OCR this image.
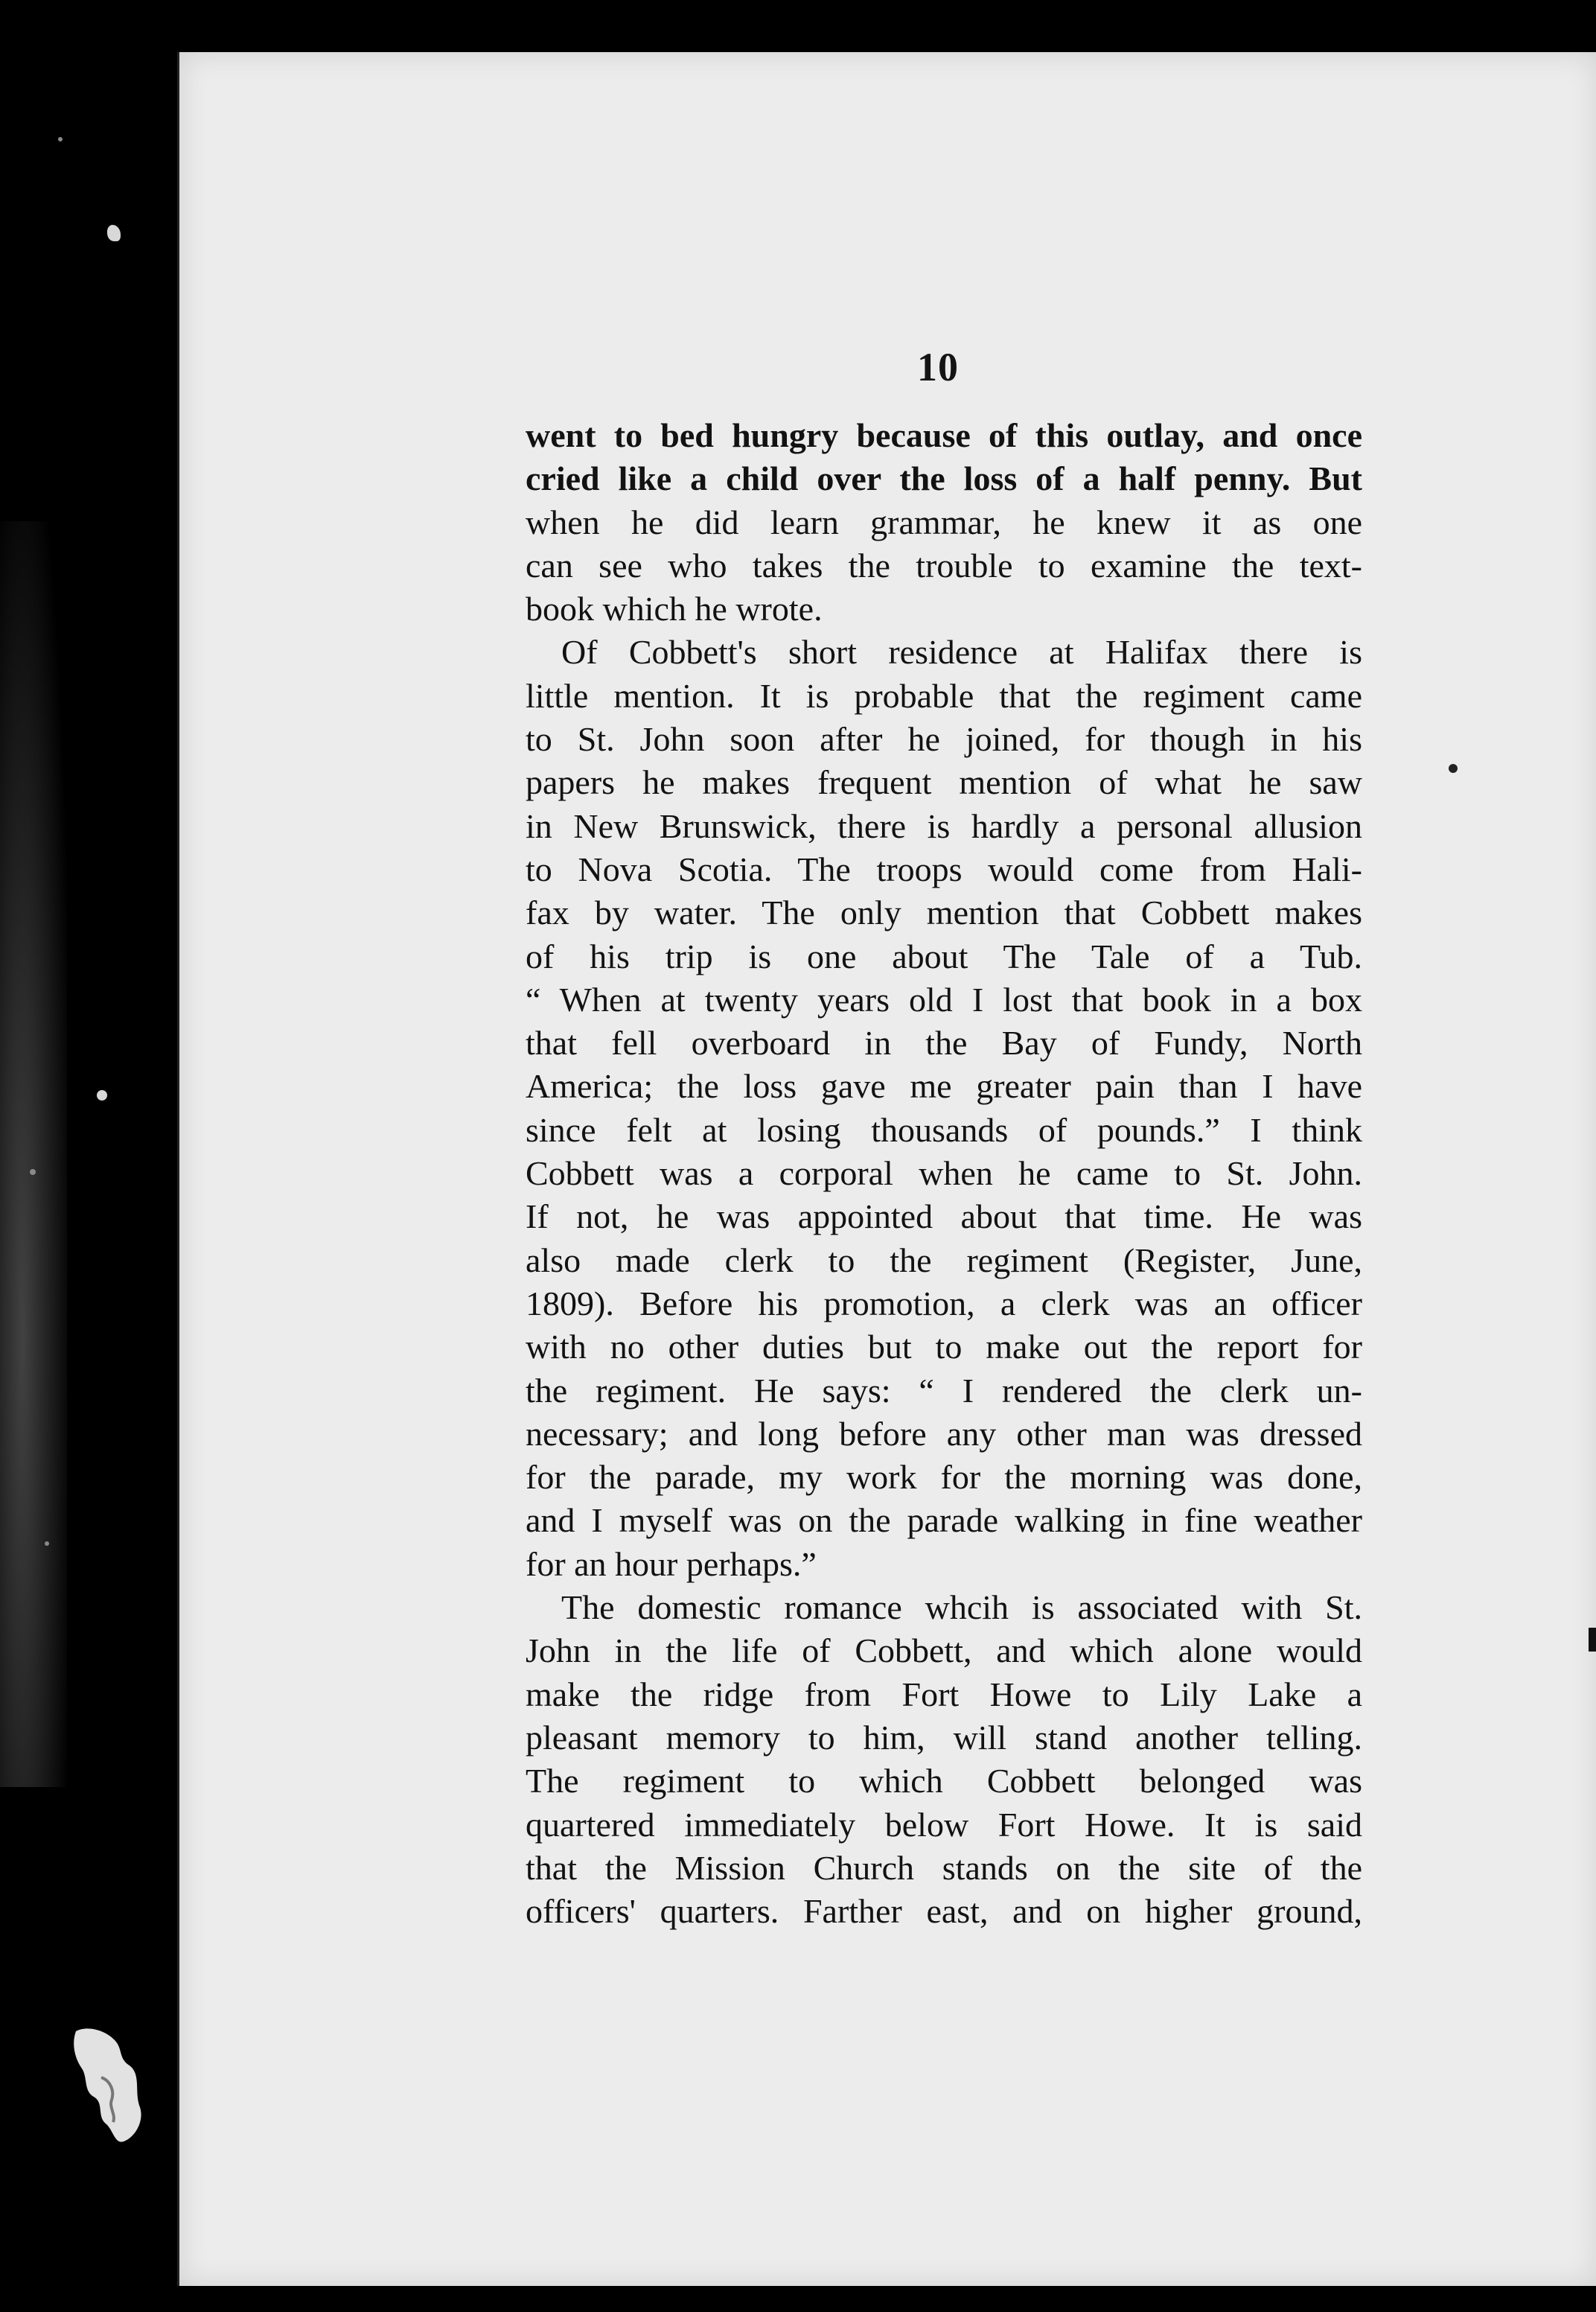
10
went to bed hungry because of this outlay, and once
cried like a child over the loss of a half penny. But
when he did learn grammar, he knew it as one
can see who takes the trouble to examine the text-
book which he wrote.
Of Cobbett's short residence at Halifax there is
little mention. It is probable that the regiment came
to St. John soon after he joined, for though in his
papers he makes frequent mention of what he saw
in New Brunswick, there is hardly a personal allusion
to Nova Scotia. The troops would come from Hali-
fax by water. The only mention that Cobbett makes
of his trip is one about The Tale of a Tub.
“ When at twenty years old I lost that book in a box
that fell overboard in the Bay of Fundy, North
America; the loss gave me greater pain than I have
since felt at losing thousands of pounds.” I think
Cobbett was a corporal when he came to St. John.
If not, he was appointed about that time. He was
also made clerk to the regiment (Register, June,
1809). Before his promotion, a clerk was an officer
with no other duties but to make out the report for
the regiment. He says: “ I rendered the clerk un-
necessary; and long before any other man was dressed
for the parade, my work for the morning was done,
and I myself was on the parade walking in fine weather
for an hour perhaps.”
The domestic romance whcih is associated with St.
John in the life of Cobbett, and which alone would
make the ridge from Fort Howe to Lily Lake a
pleasant memory to him, will stand another telling.
The regiment to which Cobbett belonged was
quartered immediately below Fort Howe. It is said
that the Mission Church stands on the site of the
officers' quarters. Farther east, and on higher ground,
